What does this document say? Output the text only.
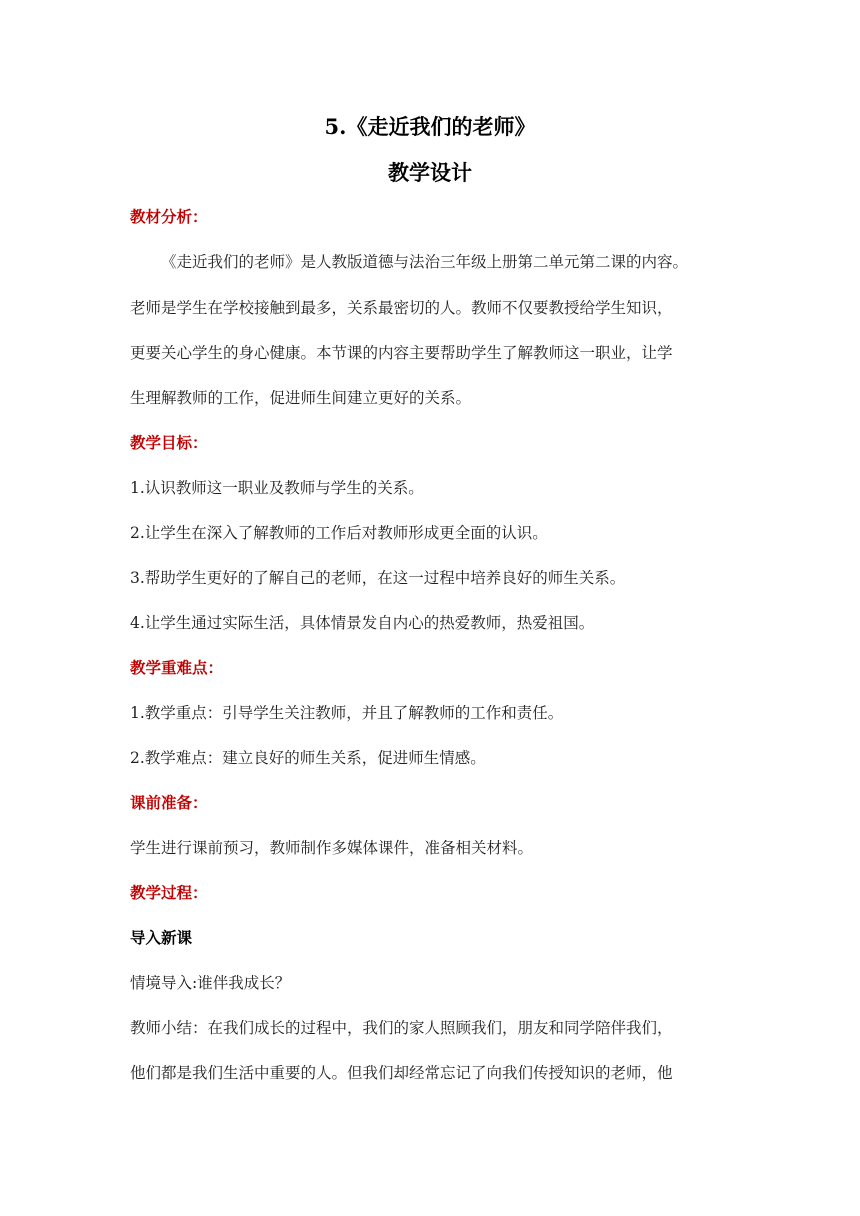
5.《走近我们的老师》
教学设计
教材分析：
《走近我们的老师》是人教版道德与法治三年级上册第二单元第二课的内容。
老师是学生在学校接触到最多，关系最密切的人。教师不仅要教授给学生知识，
更要关心学生的身心健康。本节课的内容主要帮助学生了解教师这一职业，让学
生理解教师的工作，促进师生间建立更好的关系。
教学目标：
1.认识教师这一职业及教师与学生的关系。
2.让学生在深入了解教师的工作后对教师形成更全面的认识。
3.帮助学生更好的了解自己的老师，在这一过程中培养良好的师生关系。
4.让学生通过实际生活，具体情景发自内心的热爱教师，热爱祖国。
教学重难点：
1.教学重点：引导学生关注教师，并且了解教师的工作和责任。
2.教学难点：建立良好的师生关系，促进师生情感。
课前准备：
学生进行课前预习，教师制作多媒体课件，准备相关材料。
教学过程：
导入新课
情境导入:谁伴我成长？
教师小结：在我们成长的过程中，我们的家人照顾我们，朋友和同学陪伴我们，
他们都是我们生活中重要的人。但我们却经常忘记了向我们传授知识的老师，他
